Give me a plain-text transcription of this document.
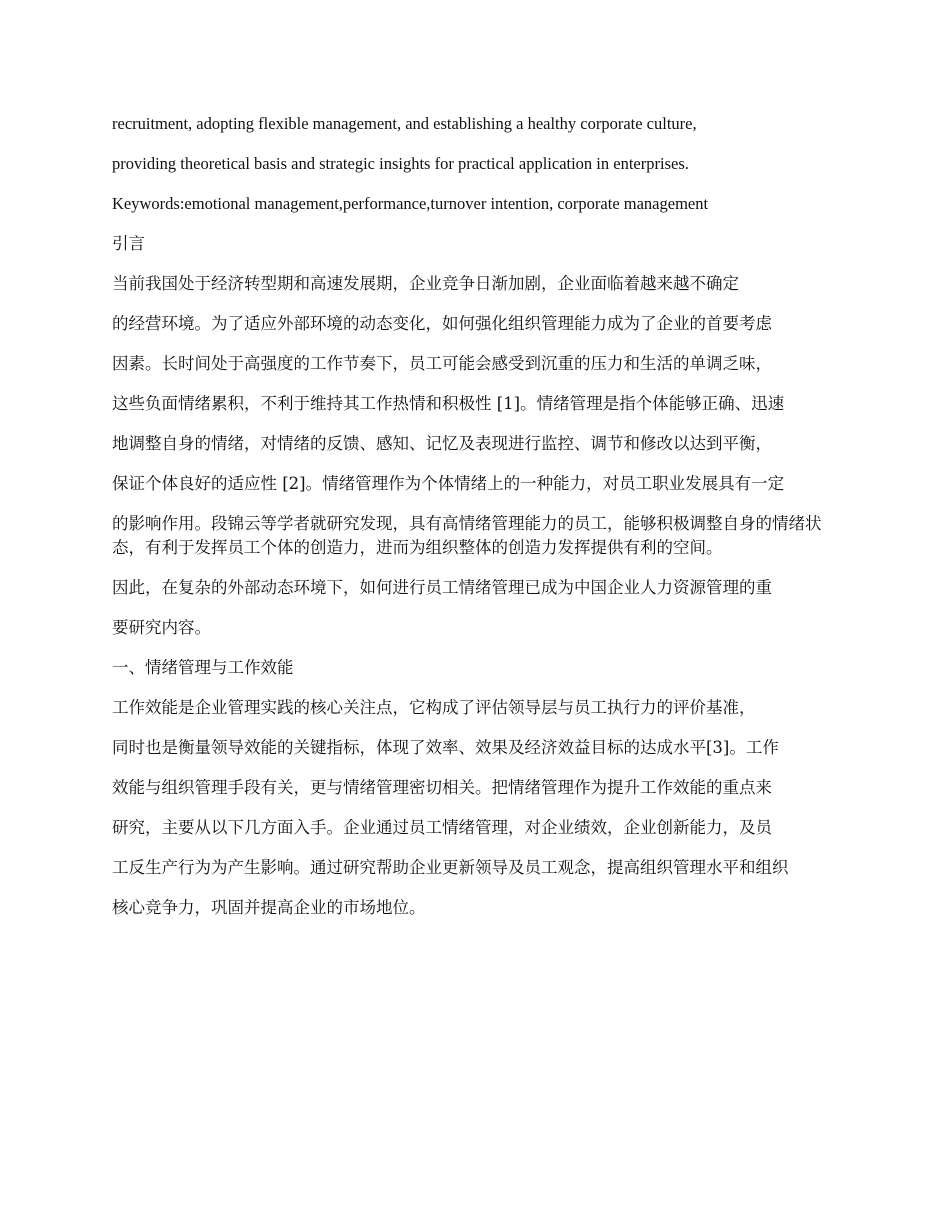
recruitment, adopting flexible management, and establishing a healthy corporate culture,

providing theoretical basis and strategic insights for practical application in enterprises.

Keywords:emotional management,performance,turnover intention, corporate management

引言

当前我国处于经济转型期和高速发展期，企业竞争日渐加剧，企业面临着越来越不确定

的经营环境。为了适应外部环境的动态变化，如何强化组织管理能力成为了企业的首要考虑

因素。长时间处于高强度的工作节奏下，员工可能会感受到沉重的压力和生活的单调乏味，

这些负面情绪累积，不利于维持其工作热情和积极性 [1]。情绪管理是指个体能够正确、迅速

地调整自身的情绪，对情绪的反馈、感知、记忆及表现进行监控、调节和修改以达到平衡，

保证个体良好的适应性 [2]。情绪管理作为个体情绪上的一种能力，对员工职业发展具有一定

的影响作用。段锦云等学者就研究发现，具有高情绪管理能力的员工，能够积极调整自身的情绪状态，有利于发挥员工个体的创造力，进而为组织整体的创造力发挥提供有利的空间。

因此，在复杂的外部动态环境下，如何进行员工情绪管理已成为中国企业人力资源管理的重

要研究内容。

一、情绪管理与工作效能

工作效能是企业管理实践的核心关注点，它构成了评估领导层与员工执行力的评价基准，

同时也是衡量领导效能的关键指标，体现了效率、效果及经济效益目标的达成水平[3]。工作

效能与组织管理手段有关，更与情绪管理密切相关。把情绪管理作为提升工作效能的重点来

研究，主要从以下几方面入手。企业通过员工情绪管理，对企业绩效，企业创新能力，及员

工反生产行为为产生影响。通过研究帮助企业更新领导及员工观念，提高组织管理水平和组织

核心竞争力，巩固并提高企业的市场地位。
